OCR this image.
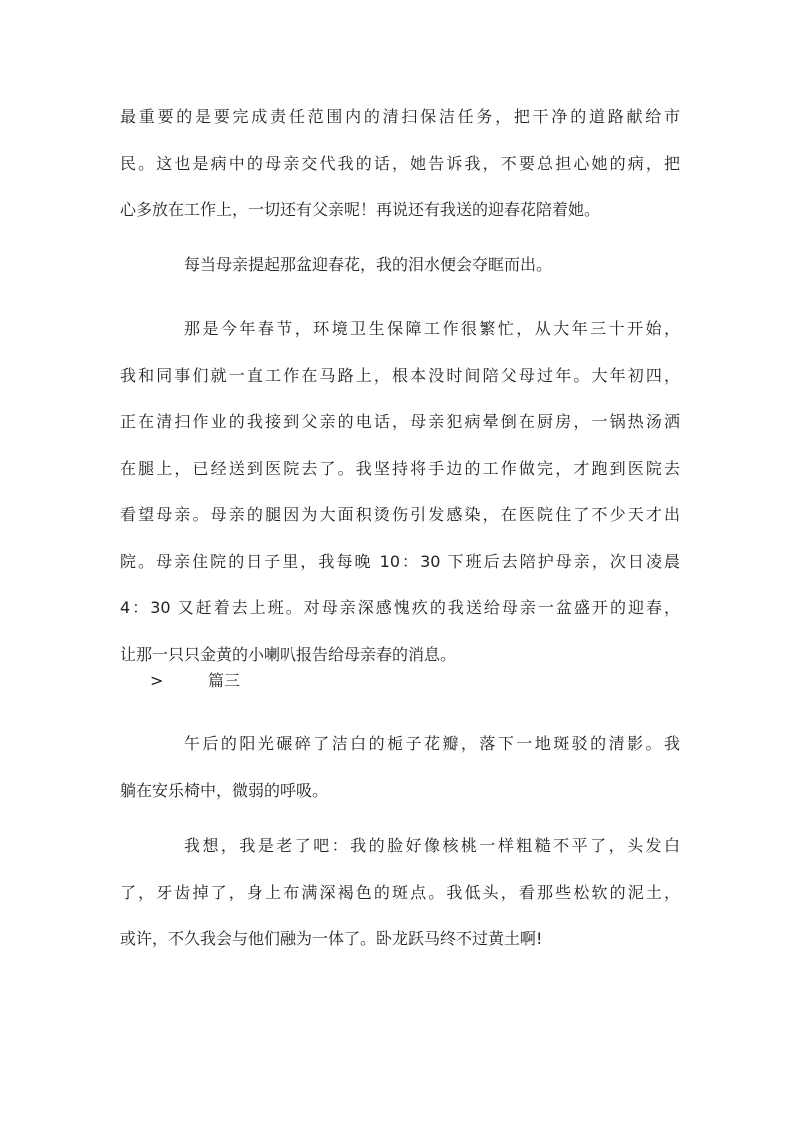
最重要的是要完成责任范围内的清扫保洁任务，把干净的道路献给市
民。这也是病中的母亲交代我的话，她告诉我，不要总担心她的病，把
心多放在工作上，一切还有父亲呢！再说还有我送的迎春花陪着她。
每当母亲提起那盆迎春花，我的泪水便会夺眶而出。
那是今年春节，环境卫生保障工作很繁忙，从大年三十开始，
我和同事们就一直工作在马路上，根本没时间陪父母过年。大年初四，
正在清扫作业的我接到父亲的电话，母亲犯病晕倒在厨房，一锅热汤洒
在腿上，已经送到医院去了。我坚持将手边的工作做完，才跑到医院去
看望母亲。母亲的腿因为大面积烫伤引发感染，在医院住了不少天才出
院。母亲住院的日子里，我每晚 10：30 下班后去陪护母亲，次日凌晨
4：30 又赶着去上班。对母亲深感愧疚的我送给母亲一盆盛开的迎春，
让那一只只金黄的小喇叭报告给母亲春的消息。
>	篇三
午后的阳光碾碎了洁白的栀子花瓣，落下一地斑驳的清影。我
躺在安乐椅中，微弱的呼吸。
我想，我是老了吧：我的脸好像核桃一样粗糙不平了，头发白
了，牙齿掉了，身上布满深褐色的斑点。我低头，看那些松软的泥土，
或许，不久我会与他们融为一体了。卧龙跃马终不过黄土啊!
